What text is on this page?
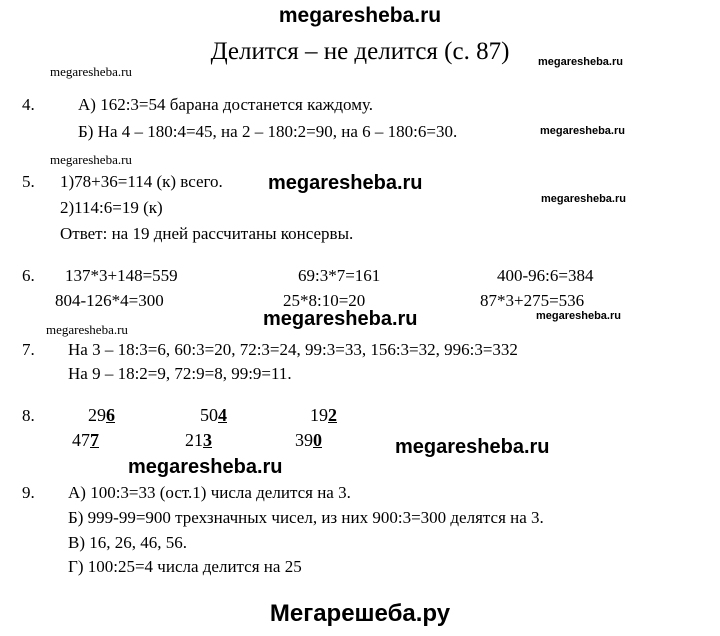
megaresheba.ru
Делится – не делится (с. 87)	megaresheba.ru
megaresheba.ru
4.	А) 162:3=54 барана достанется каждому.
Б) На 4 – 180:4=45, на 2 – 180:2=90, на 6 – 180:6=30.	megaresheba.ru
megaresheba.ru
5. 1)78+36=114 (к) всего. megaresheba.ru
megaresheba.ru
2)114:6=19 (к)
Ответ: на 19 дней рассчитаны консервы.
6. 137*3+148=559	69:3*7=161	400-96:6=384
804-126*4=300	25*8:10=20	87*3+275=536
megaresheba.ru	megaresheba.ru
megaresheba.ru
7. На 3 – 18:3=6, 60:3=20, 72:3=24, 99:3=33, 156:3=32, 996:3=332
На 9 – 18:2=9, 72:9=8, 99:9=11.
8.	296	504	192
477	213	390	megaresheba.ru
megaresheba.ru
9. А) 100:3=33 (ост.1) числа делится на 3.
Б) 999-99=900 трехзначных чисел, из них 900:3=300 делятся на 3.
В) 16, 26, 46, 56.
Г) 100:25=4 числа делится на 25
Мегарешеба.ру
